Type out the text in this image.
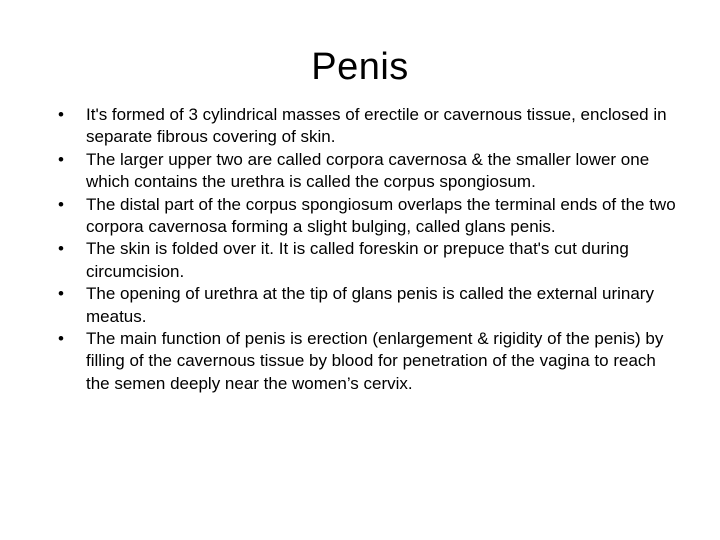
Penis
•	It's formed of 3 cylindrical masses of erectile or cavernous tissue, enclosed in separate fibrous covering of skin.
•	The larger upper two are called corpora cavernosa & the smaller lower one which contains the urethra is called the corpus spongiosum.
•	The distal part of the corpus spongiosum overlaps the terminal ends of the two corpora cavernosa forming a slight bulging, called glans penis.
•	The skin is folded over it. It is called foreskin or prepuce that's cut during circumcision.
•	The opening of urethra at the tip of glans penis is called the external urinary meatus.
•	The main function of penis is erection (enlargement & rigidity of the penis) by filling of the cavernous tissue by blood for penetration of the vagina to reach the semen deeply near the women’s cervix.
